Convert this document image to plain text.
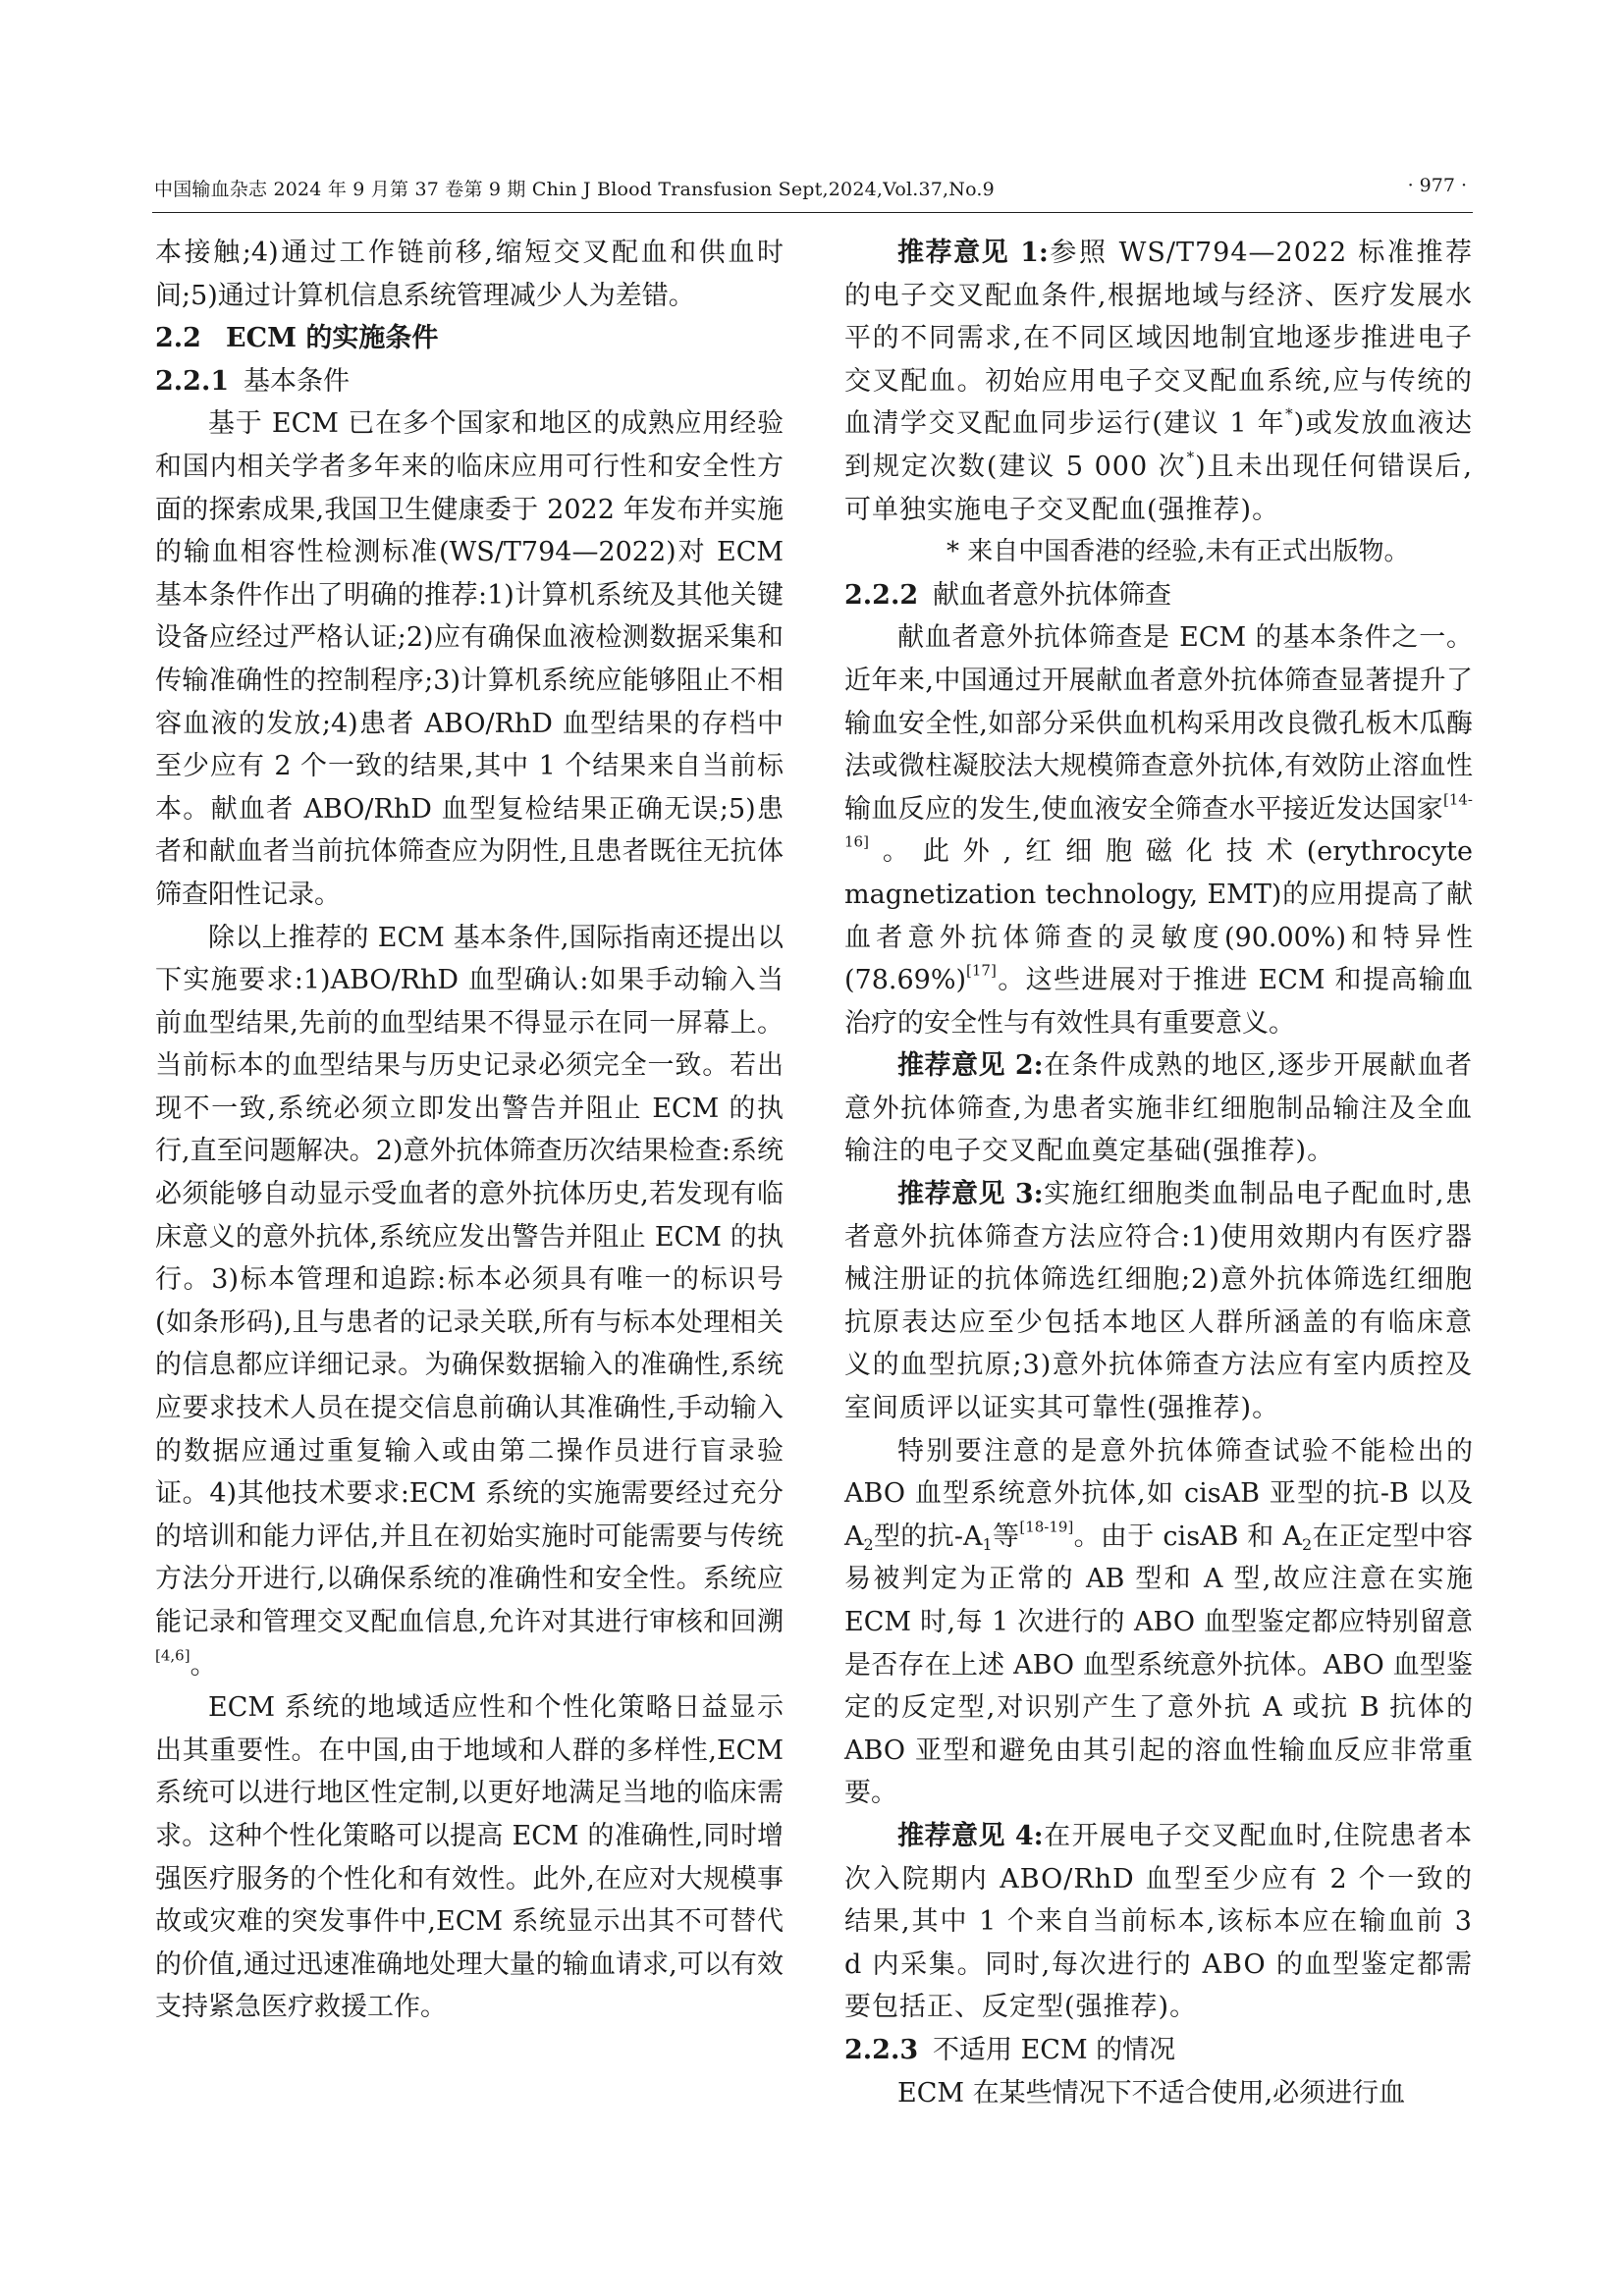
中国输血杂志 2024 年 9 月第 37 卷第 9 期 Chin J Blood Transfusion Sept,2024,Vol.37,No.9	· 977 ·

本接触;4)通过工作链前移,缩短交叉配血和供血时间;5)通过计算机信息系统管理减少人为差错。

2.2 ECM 的实施条件
2.2.1 基本条件

基于 ECM 已在多个国家和地区的成熟应用经验和国内相关学者多年来的临床应用可行性和安全性方面的探索成果,我国卫生健康委于 2022 年发布并实施的输血相容性检测标准(WS/T794—2022)对 ECM 基本条件作出了明确的推荐:1)计算机系统及其他关键设备应经过严格认证;2)应有确保血液检测数据采集和传输准确性的控制程序;3)计算机系统应能够阻止不相容血液的发放;4)患者 ABO/RhD 血型结果的存档中至少应有 2 个一致的结果,其中 1 个结果来自当前标本。献血者 ABO/RhD 血型复检结果正确无误;5)患者和献血者当前抗体筛查应为阴性,且患者既往无抗体筛查阳性记录。

除以上推荐的 ECM 基本条件,国际指南还提出以下实施要求:1)ABO/RhD 血型确认:如果手动输入当前血型结果,先前的血型结果不得显示在同一屏幕上。当前标本的血型结果与历史记录必须完全一致。若出现不一致,系统必须立即发出警告并阻止 ECM 的执行,直至问题解决。2)意外抗体筛查历次结果检查:系统必须能够自动显示受血者的意外抗体历史,若发现有临床意义的意外抗体,系统应发出警告并阻止 ECM 的执行。3)标本管理和追踪:标本必须具有唯一的标识号(如条形码),且与患者的记录关联,所有与标本处理相关的信息都应详细记录。为确保数据输入的准确性,系统应要求技术人员在提交信息前确认其准确性,手动输入的数据应通过重复输入或由第二操作员进行盲录验证。4)其他技术要求:ECM 系统的实施需要经过充分的培训和能力评估,并且在初始实施时可能需要与传统方法分开进行,以确保系统的准确性和安全性。系统应能记录和管理交叉配血信息,允许对其进行审核和回溯[4,6]。

ECM 系统的地域适应性和个性化策略日益显示出其重要性。在中国,由于地域和人群的多样性,ECM 系统可以进行地区性定制,以更好地满足当地的临床需求。这种个性化策略可以提高 ECM 的准确性,同时增强医疗服务的个性化和有效性。此外,在应对大规模事故或灾难的突发事件中,ECM 系统显示出其不可替代的价值,通过迅速准确地处理大量的输血请求,可以有效支持紧急医疗救援工作。

推荐意见 1:参照 WS/T794—2022 标准推荐的电子交叉配血条件,根据地域与经济、医疗发展水平的不同需求,在不同区域因地制宜地逐步推进电子交叉配血。初始应用电子交叉配血系统,应与传统的血清学交叉配血同步运行(建议 1 年*)或发放血液达到规定次数(建议 5 000 次*)且未出现任何错误后,可单独实施电子交叉配血(强推荐)。

* 来自中国香港的经验,未有正式出版物。

2.2.2 献血者意外抗体筛查

献血者意外抗体筛查是 ECM 的基本条件之一。近年来,中国通过开展献血者意外抗体筛查显著提升了输血安全性,如部分采供血机构采用改良微孔板木瓜酶法或微柱凝胶法大规模筛查意外抗体,有效防止溶血性输血反应的发生,使血液安全筛查水平接近发达国家[14-16]。此外,红细胞磁化技术(erythrocyte magnetization technology, EMT)的应用提高了献血者意外抗体筛查的灵敏度(90.00%)和特异性(78.69%)[17]。这些进展对于推进 ECM 和提高输血治疗的安全性与有效性具有重要意义。

推荐意见 2:在条件成熟的地区,逐步开展献血者意外抗体筛查,为患者实施非红细胞制品输注及全血输注的电子交叉配血奠定基础(强推荐)。

推荐意见 3:实施红细胞类血制品电子配血时,患者意外抗体筛查方法应符合:1)使用效期内有医疗器械注册证的抗体筛选红细胞;2)意外抗体筛选红细胞抗原表达应至少包括本地区人群所涵盖的有临床意义的血型抗原;3)意外抗体筛查方法应有室内质控及室间质评以证实其可靠性(强推荐)。

特别要注意的是意外抗体筛查试验不能检出的 ABO 血型系统意外抗体,如 cisAB 亚型的抗-B 以及 $A_2$型的抗$-A_1$等[18-19]。由于 cisAB 和 $A_2$在正定型中容易被判定为正常的 AB 型和 A 型,故应注意在实施 ECM 时,每 1 次进行的 ABO 血型鉴定都应特别留意是否存在上述 ABO 血型系统意外抗体。ABO 血型鉴定的反定型,对识别产生了意外抗 A 或抗 B 抗体的 ABO 亚型和避免由其引起的溶血性输血反应非常重要。

推荐意见 4:在开展电子交叉配血时,住院患者本次入院期内 ABO/RhD 血型至少应有 2 个一致的结果,其中 1 个来自当前标本,该标本应在输血前 3 d 内采集。同时,每次进行的 ABO 的血型鉴定都需要包括正、反定型(强推荐)。

2.2.3 不适用 ECM 的情况

ECM 在某些情况下不适合使用,必须进行血
